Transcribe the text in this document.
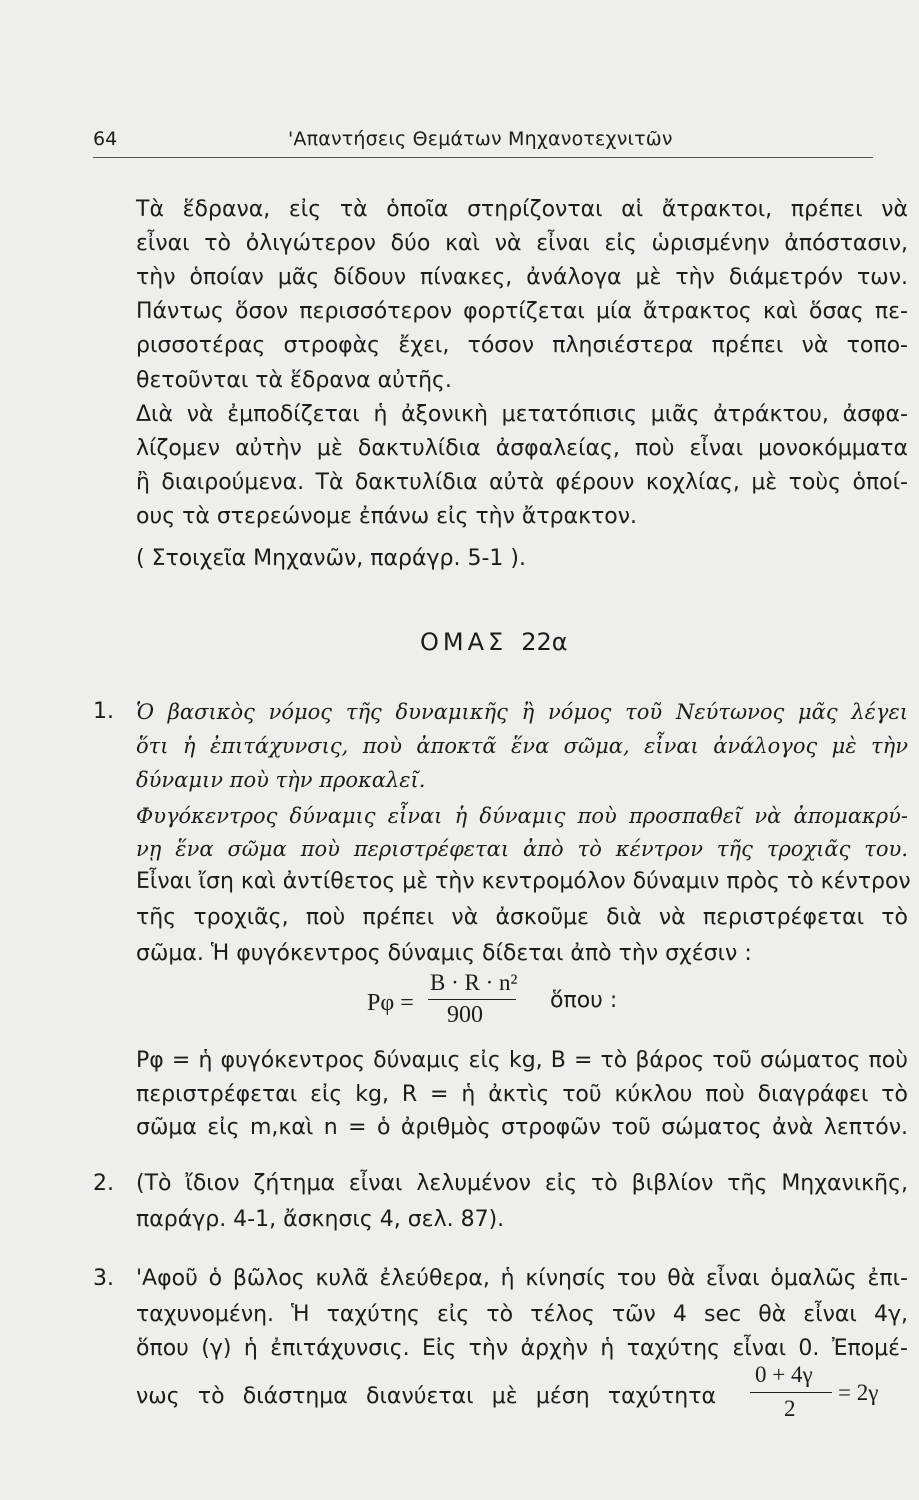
64	'Απαντήσεις Θεμάτων Μηχανοτεχνιτῶν
Τὰ ἕδρανα, εἰς τὰ ὁποῖα στηρίζονται αἱ ἄτρακτοι, πρέπει νὰ
εἶναι τὸ ὀλιγώτερον δύο καὶ νὰ εἶναι εἰς ὡρισμένην ἀπόστασιν,
τὴν ὁποίαν μᾶς δίδουν πίνακες, ἀνάλογα μὲ τὴν διάμετρόν των.
Πάντως ὅσον περισσότερον φορτίζεται μία ἄτρακτος καὶ ὅσας πε-
ρισσοτέρας στροφὰς ἔχει, τόσον πλησιέστερα πρέπει νὰ τοπο-
θετοῦνται τὰ ἕδρανα αὐτῆς.
Διὰ νὰ ἐμποδίζεται ἡ ἀξονικὴ μετατόπισις μιᾶς ἀτράκτου, ἀσφα-
λίζομεν αὐτὴν μὲ δακτυλίδια ἀσφαλείας, ποὺ εἶναι μονοκόμματα
ἢ διαιρούμενα. Τὰ δακτυλίδια αὐτὰ φέρουν κοχλίας, μὲ τοὺς ὁποί-
ους τὰ στερεώνομε ἐπάνω εἰς τὴν ἄτρακτον.
( Στοιχεῖα Μηχανῶν, παράγρ. 5-1 ).
ΟΜΑΣ 22α
1. Ὁ βασικὸς νόμος τῆς δυναμικῆς ἢ νόμος τοῦ Νεύτωνος μᾶς λέγει
ὅτι ἡ ἐπιτάχυνσις, ποὺ ἀποκτᾶ ἕνα σῶμα, εἶναι ἀνάλογος μὲ τὴν
δύναμιν ποὺ τὴν προκαλεῖ.
Φυγόκεντρος δύναμις εἶναι ἡ δύναμις ποὺ προσπαθεῖ νὰ ἀπομακρύ-
νῃ ἕνα σῶμα ποὺ περιστρέφεται ἀπὸ τὸ κέντρον τῆς τροχιᾶς του.
Εἶναι ἴση καὶ ἀντίθετος μὲ τὴν κεντρομόλον δύναμιν πρὸς τὸ κέντρον
τῆς τροχιᾶς, ποὺ πρέπει νὰ ἀσκοῦμε διὰ νὰ περιστρέφεται τὸ
σῶμα. Ἡ φυγόκεντρος δύναμις δίδεται ἀπὸ τὴν σχέσιν :
Pφ =
B · R · n²
900
ὅπου :
Pφ = ἡ φυγόκεντρος δύναμις εἰς kg, B = τὸ βάρος τοῦ σώματος ποὺ
περιστρέφεται εἰς kg, R = ἡ ἀκτὶς τοῦ κύκλου ποὺ διαγράφει τὸ
σῶμα εἰς m,καὶ n = ὁ ἀριθμὸς στροφῶν τοῦ σώματος ἀνὰ λεπτόν.
2. (Τὸ ἴδιον ζήτημα εἶναι λελυμένον εἰς τὸ βιβλίον τῆς Μηχανικῆς,
παράγρ. 4-1, ἄσκησις 4, σελ. 87).
3. 'Αφοῦ ὁ βῶλος κυλᾶ ἐλεύθερα, ἡ κίνησίς του θὰ εἶναι ὁμαλῶς ἐπι-
ταχυνομένη. Ἡ ταχύτης εἰς τὸ τέλος τῶν 4 sec θὰ εἶναι 4γ,
ὅπου (γ) ἡ ἐπιτάχυνσις. Εἰς τὴν ἀρχὴν ἡ ταχύτης εἶναι 0. Ἐπομέ-
νως τὸ διάστημα διανύεται μὲ μέση ταχύτητα
0 + 4γ
2
= 2γ
